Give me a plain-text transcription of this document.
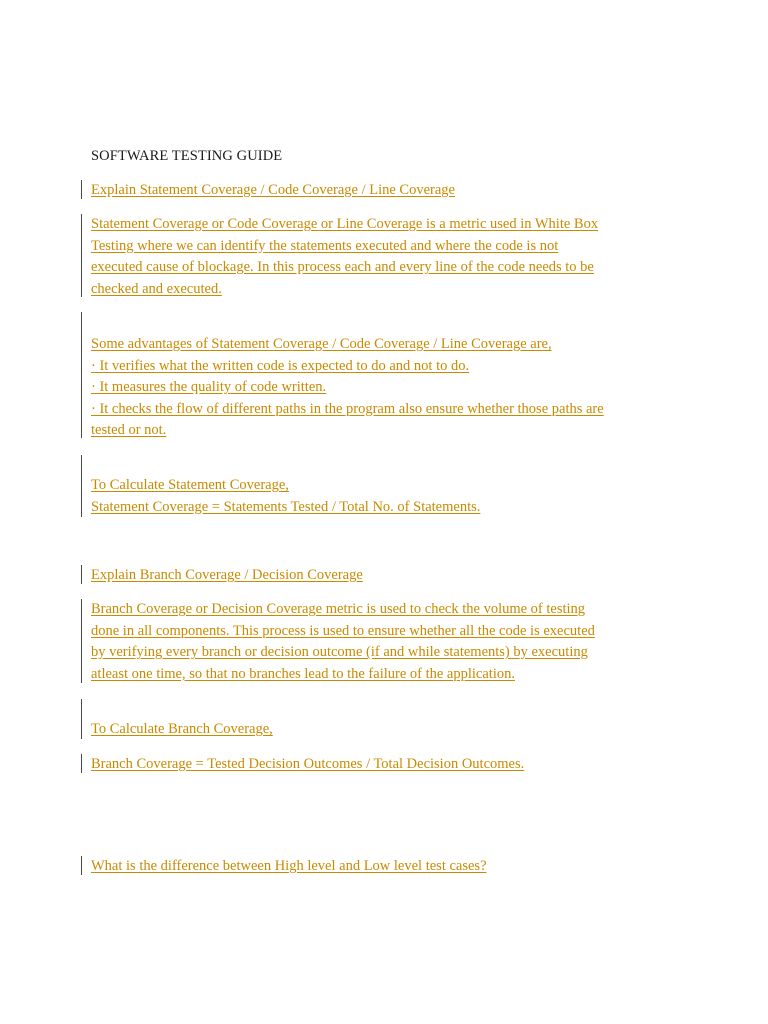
SOFTWARE TESTING GUIDE
Explain Statement Coverage / Code Coverage / Line Coverage
Statement Coverage or Code Coverage or Line Coverage is a metric used in White Box
Testing where we can identify the statements executed and where the code is not
executed cause of blockage. In this process each and every line of the code needs to be
checked and executed.
Some advantages of Statement Coverage / Code Coverage / Line Coverage are,
· It verifies what the written code is expected to do and not to do.
· It measures the quality of code written.
· It checks the flow of different paths in the program also ensure whether those paths are
tested or not.
To Calculate Statement Coverage,
Statement Coverage = Statements Tested / Total No. of Statements.
Explain Branch Coverage / Decision Coverage
Branch Coverage or Decision Coverage metric is used to check the volume of testing
done in all components. This process is used to ensure whether all the code is executed
by verifying every branch or decision outcome (if and while statements) by executing
atleast one time, so that no branches lead to the failure of the application.
To Calculate Branch Coverage,
Branch Coverage = Tested Decision Outcomes / Total Decision Outcomes.
What is the difference between High level and Low level test cases?
